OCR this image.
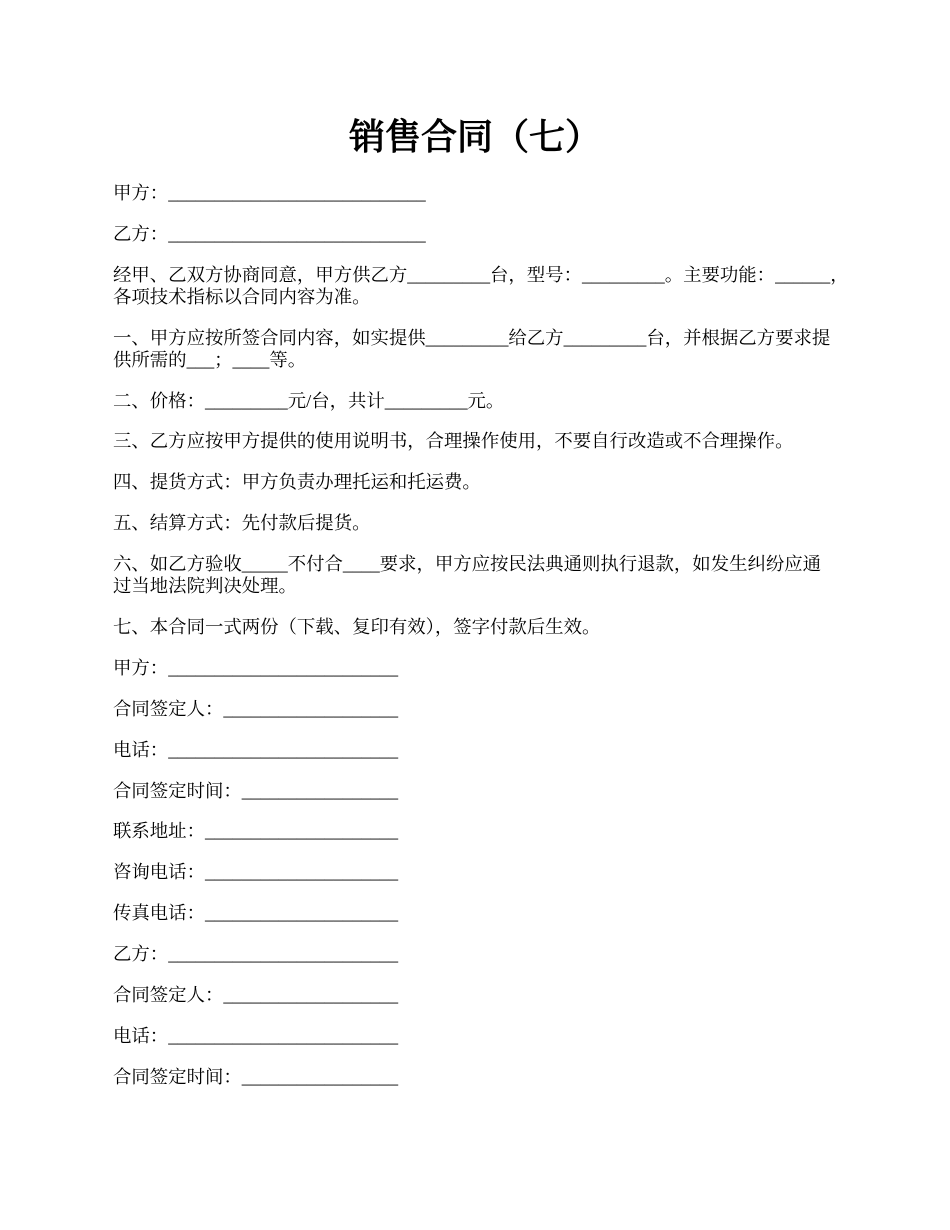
销售合同（七）
甲方：____________________________
乙方：____________________________
经甲、乙双方协商同意，甲方供乙方_________台，型号：_________。主要功能：______，
各项技术指标以合同内容为准。
一、甲方应按所签合同内容，如实提供_________给乙方_________台，并根据乙方要求提
供所需的___；____等。
二、价格：_________元/台，共计_________元。
三、乙方应按甲方提供的使用说明书，合理操作使用，不要自行改造或不合理操作。
四、提货方式：甲方负责办理托运和托运费。
五、结算方式：先付款后提货。
六、如乙方验收_____不付合____要求，甲方应按民法典通则执行退款，如发生纠纷应通
过当地法院判决处理。
七、本合同一式两份（下载、复印有效），签字付款后生效。
甲方：_________________________
合同签定人：___________________
电话：_________________________
合同签定时间：_________________
联系地址：_____________________
咨询电话：_____________________
传真电话：_____________________
乙方：_________________________
合同签定人：___________________
电话：_________________________
合同签定时间：_________________
